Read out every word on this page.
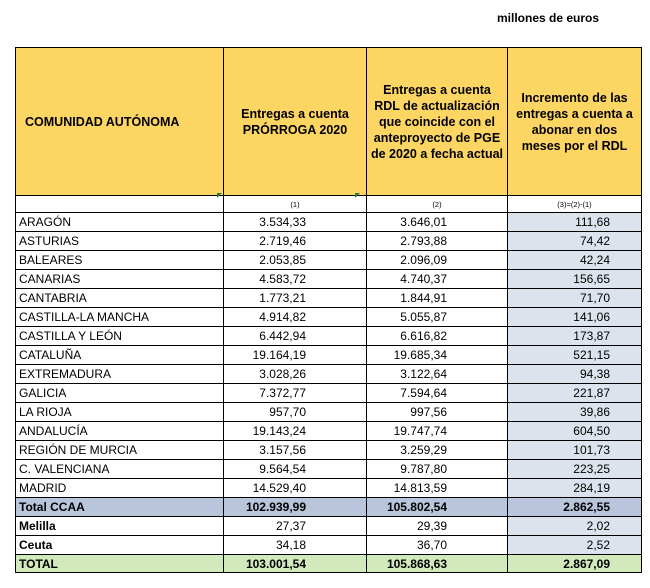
millones de euros
COMUNIDAD AUTÓNOMA	Entregas a cuenta PRÓRROGA 2020	Entregas a cuenta RDL de actualización que coincide con el anteproyecto de PGE de 2020 a fecha actual	Incremento de las entregas a cuenta a abonar en dos meses por el RDL
	(1)	(2)	(3)=(2)-(1)
ARAGÓN	3.534,33	3.646,01	111,68
ASTURIAS	2.719,46	2.793,88	74,42
BALEARES	2.053,85	2.096,09	42,24
CANARIAS	4.583,72	4.740,37	156,65
CANTABRIA	1.773,21	1.844,91	71,70
CASTILLA-LA MANCHA	4.914,82	5.055,87	141,06
CASTILLA Y LEÓN	6.442,94	6.616,82	173,87
CATALUÑA	19.164,19	19.685,34	521,15
EXTREMADURA	3.028,26	3.122,64	94,38
GALICIA	7.372,77	7.594,64	221,87
LA RIOJA	957,70	997,56	39,86
ANDALUCÍA	19.143,24	19.747,74	604,50
REGIÓN DE MURCIA	3.157,56	3.259,29	101,73
C. VALENCIANA	9.564,54	9.787,80	223,25
MADRID	14.529,40	14.813,59	284,19
Total CCAA	102.939,99	105.802,54	2.862,55
Melilla	27,37	29,39	2,02
Ceuta	34,18	36,70	2,52
TOTAL	103.001,54	105.868,63	2.867,09
